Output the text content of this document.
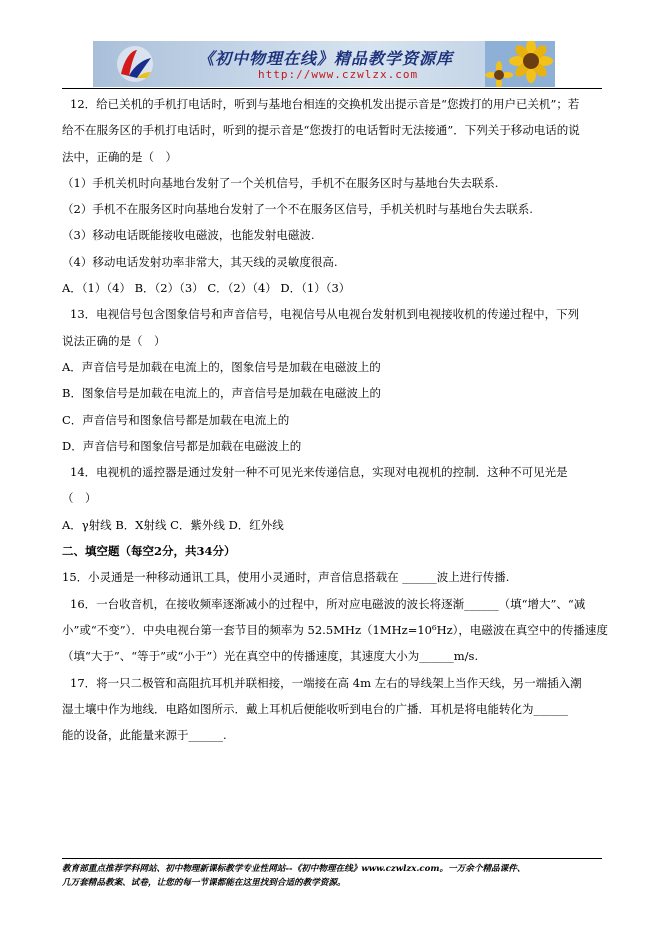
《初中物理在线》精品教学资源库
http://www.czwlzx.com
12．给已关机的手机打电话时，听到与基地台相连的交换机发出提示音是“您拨打的用户已关机”；若
给不在服务区的手机打电话时，听到的提示音是“您拨打的电话暂时无法接通”．下列关于移动电话的说
法中，正确的是（　）
（1）手机关机时向基地台发射了一个关机信号，手机不在服务区时与基地台失去联系.
（2）手机不在服务区时向基地台发射了一个不在服务区信号，手机关机时与基地台失去联系.
（3）移动电话既能接收电磁波，也能发射电磁波.
（4）移动电话发射功率非常大，其天线的灵敏度很高.
A．（1）（4） B．（2）（3） C．（2）（4） D．（1）（3）
13．电视信号包含图象信号和声音信号，电视信号从电视台发射机到电视接收机的传递过程中，下列
说法正确的是（　）
A．声音信号是加载在电流上的，图象信号是加载在电磁波上的
B．图象信号是加载在电流上的，声音信号是加载在电磁波上的
C．声音信号和图象信号都是加载在电流上的
D．声音信号和图象信号都是加载在电磁波上的
14．电视机的遥控器是通过发射一种不可见光来传递信息，实现对电视机的控制．这种不可见光是
（　）
A．γ射线 B．X射线 C．紫外线 D．红外线
二、填空题（每空2分，共34分）
15．小灵通是一种移动通讯工具，使用小灵通时，声音信息搭载在 ______波上进行传播.
16．一台收音机，在接收频率逐渐减小的过程中，所对应电磁波的波长将逐渐______（填“增大”、“减
小”或“不变”）．中央电视台第一套节目的频率为 52.5MHz（1MHz=10⁶Hz），电磁波在真空中的传播速度
（填“大于”、“等于”或“小于”）光在真空中的传播速度，其速度大小为______m/s.
17．将一只二极管和高阻抗耳机并联相接，一端接在高 4m 左右的导线架上当作天线，另一端插入潮
湿土壤中作为地线．电路如图所示．戴上耳机后便能收听到电台的广播．耳机是将电能转化为______
能的设备，此能量来源于______.
教育部重点推荐学科网站、初中物理新课标教学专业性网站--《初中物理在线》www.czwlzx.com。一万余个精品课件、
几万套精品教案、试卷，让您的每一节课都能在这里找到合适的教学资源。
